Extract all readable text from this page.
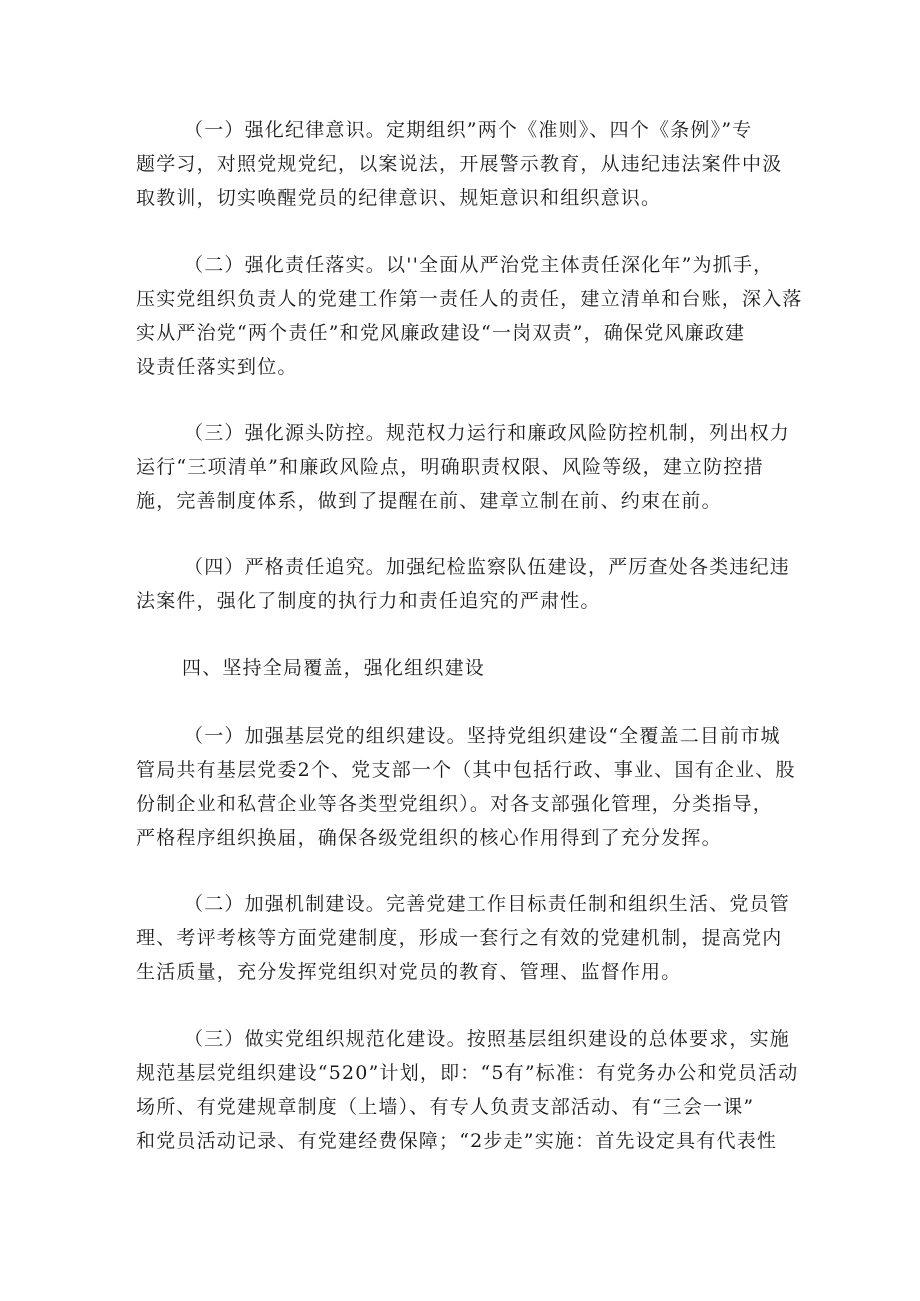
（一）强化纪律意识。定期组织”两个《准则》、四个《条例》”专
题学习，对照党规党纪，以案说法，开展警示教育，从违纪违法案件中汲
取教训，切实唤醒党员的纪律意识、规矩意识和组织意识。
（二）强化责任落实。以''全面从严治党主体责任深化年”为抓手，
压实党组织负责人的党建工作第一责任人的责任，建立清单和台账，深入落
实从严治党“两个责任”和党风廉政建设“一岗双责”，确保党风廉政建
设责任落实到位。
（三）强化源头防控。规范权力运行和廉政风险防控机制，列出权力
运行“三项清单”和廉政风险点，明确职责权限、风险等级，建立防控措
施，完善制度体系，做到了提醒在前、建章立制在前、约束在前。
（四）严格责任追究。加强纪检监察队伍建设，严厉查处各类违纪违
法案件，强化了制度的执行力和责任追究的严肃性。
四、坚持全局覆盖，强化组织建设
（一）加强基层党的组织建设。坚持党组织建设“全覆盖二目前市城
管局共有基层党委2个、党支部一个（其中包括行政、事业、国有企业、股
份制企业和私营企业等各类型党组织）。对各支部强化管理，分类指导，
严格程序组织换届，确保各级党组织的核心作用得到了充分发挥。
（二）加强机制建设。完善党建工作目标责任制和组织生活、党员管
理、考评考核等方面党建制度，形成一套行之有效的党建机制，提高党内
生活质量，充分发挥党组织对党员的教育、管理、监督作用。
（三）做实党组织规范化建设。按照基层组织建设的总体要求，实施
规范基层党组织建设“520”计划，即：“5有”标准：有党务办公和党员活动
场所、有党建规章制度（上墙）、有专人负责支部活动、有“三会一课”
和党员活动记录、有党建经费保障；“2步走”实施：首先设定具有代表性
